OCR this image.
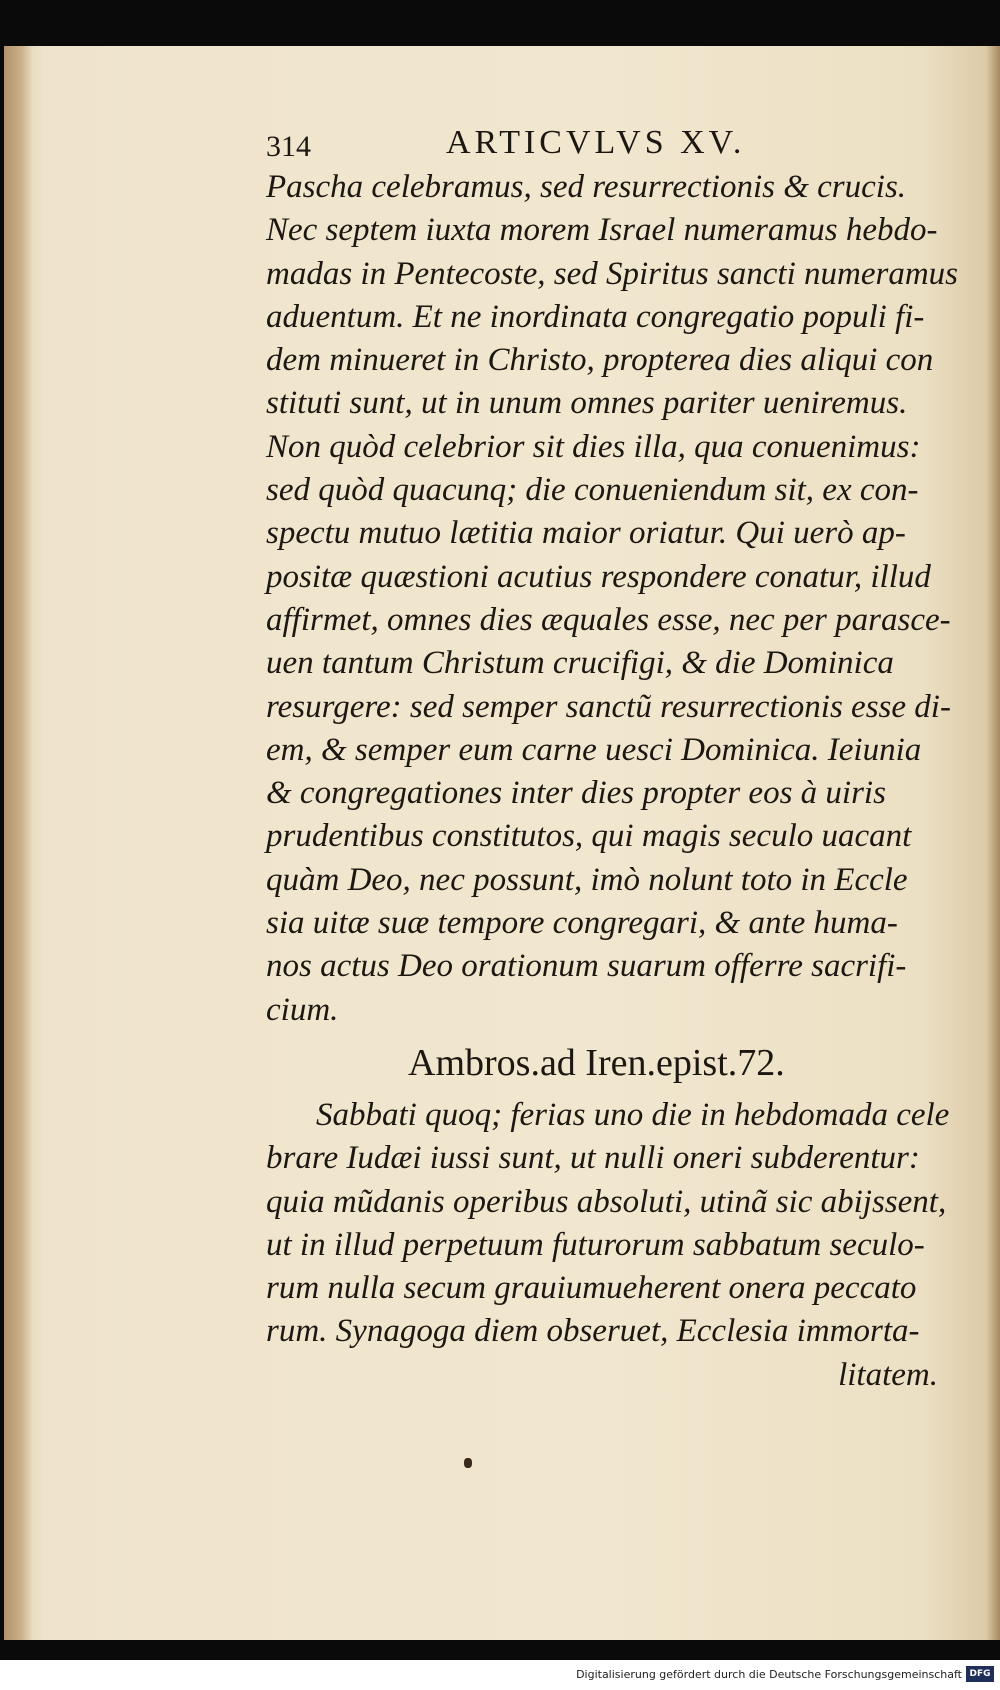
314	ARTICVLVS XV.
Pascha celebramus, sed resurrectionis & crucis.
Nec septem iuxta morem Israel numeramus hebdo-
madas in Pentecoste, sed Spiritus sancti numeramus
aduentum. Et ne inordinata congregatio populi fi-
dem minueret in Christo, propterea dies aliqui con
stituti sunt, ut in unum omnes pariter ueniremus.
Non quòd celebrior sit dies illa, qua conuenimus:
sed quòd quacunq; die conueniendum sit, ex con-
spectu mutuo lætitia maior oriatur. Qui uerò ap-
positæ quæstioni acutius respondere conatur, illud
affirmet, omnes dies æquales esse, nec per parasce-
uen tantum Christum crucifigi, & die Dominica
resurgere: sed semper sanctũ resurrectionis esse di-
em, & semper eum carne uesci Dominica. Ieiunia
& congregationes inter dies propter eos à uiris
prudentibus constitutos, qui magis seculo uacant
quàm Deo, nec possunt, imò nolunt toto in Eccle
sia uitæ suæ tempore congregari, & ante huma-
nos actus Deo orationum suarum offerre sacrifi-
cium.
Ambros.ad Iren.epist.72.
Sabbati quoq; ferias uno die in hebdomada cele
brare Iudæi iussi sunt, ut nulli oneri subderentur:
quia mũdanis operibus absoluti, utinã sic abijssent,
ut in illud perpetuum futurorum sabbatum seculo-
rum nulla secum grauiumueherent onera peccato
rum. Synagoga diem obseruet, Ecclesia immorta-
litatem.
Digitalisierung gefördert durch die Deutsche Forschungsgemeinschaft DFG
